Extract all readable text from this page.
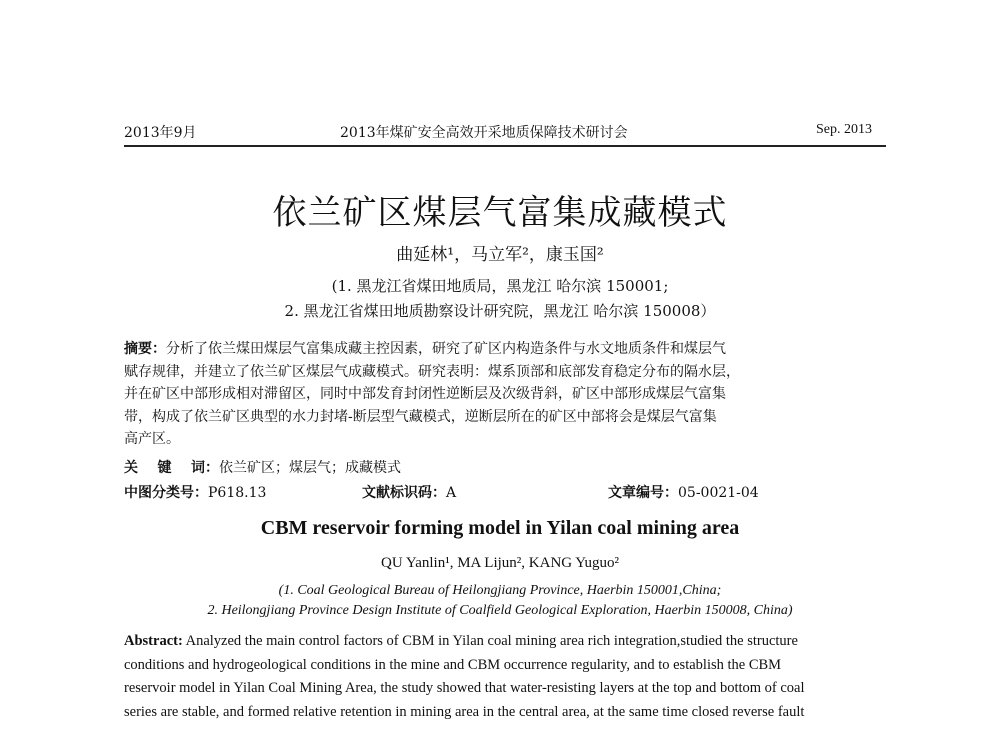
2013年9月	2013年煤矿安全高效开采地质保障技术研讨会	Sep. 2013
依兰矿区煤层气富集成藏模式
曲延林¹，马立军²，康玉国²
(1. 黑龙江省煤田地质局，黑龙江 哈尔滨 150001;
2. 黑龙江省煤田地质勘察设计研究院，黑龙江 哈尔滨 150008）
摘要：分析了依兰煤田煤层气富集成藏主控因素，研究了矿区内构造条件与水文地质条件和煤层气
赋存规律，并建立了依兰矿区煤层气成藏模式。研究表明：煤系顶部和底部发育稳定分布的隔水层，
并在矿区中部形成相对滞留区，同时中部发育封闭性逆断层及次级背斜，矿区中部形成煤层气富集
带，构成了依兰矿区典型的水力封堵-断层型气藏模式，逆断层所在的矿区中部将会是煤层气富集
高产区。
关    键    词：依兰矿区；煤层气；成藏模式
中图分类号：P618.13	文献标识码：A	文章编号：05-0021-04
CBM reservoir forming model in Yilan coal mining area
QU Yanlin¹, MA Lijun², KANG Yuguo²
(1. Coal Geological Bureau of Heilongjiang Province, Haerbin 150001,China;
2. Heilongjiang Province Design Institute of Coalfield Geological Exploration, Haerbin 150008, China)
Abstract: Analyzed the main control factors of CBM in Yilan coal mining area rich integration,studied the structure
conditions and hydrogeological conditions in the mine and CBM occurrence regularity, and to establish the CBM
reservoir model in Yilan Coal Mining Area, the study showed that water-resisting layers at the top and bottom of coal
series are stable, and formed relative retention in mining area in the central area, at the same time closed reverse fault
